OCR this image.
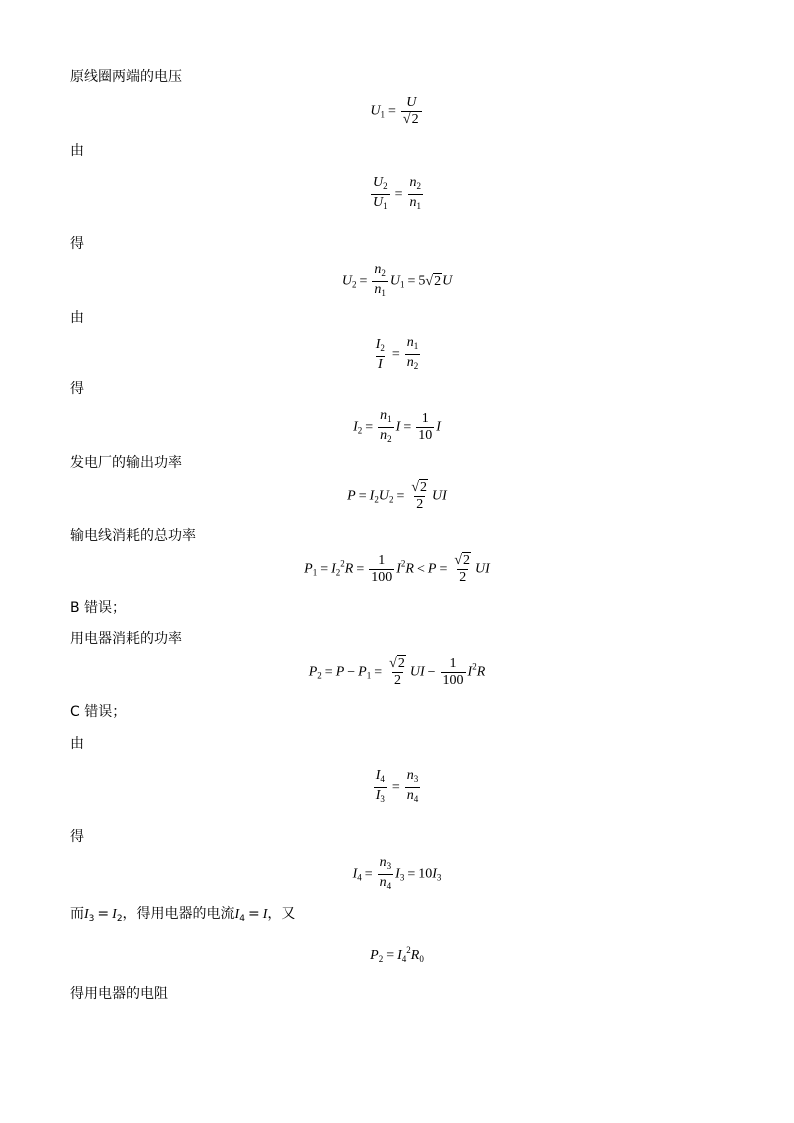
原线圈两端的电压
$U_1 = \frac{U}{√2}$
由
$\frac{U_2}{U_1} = \frac{n_2}{n_1}$
得
$U_2 = \frac{n_2}{n_1} U_1 = 5√2U$
由
$\frac{I_2}{I} = \frac{n_1}{n_2}$
得
$I_2 = \frac{n_1}{n_2}$ $I = \frac{1}{10}$ I
发电厂的输出功率
$P = I_2U_2 = \frac{√2}{2}$ UI
输电线消耗的总功率
$P_1 = I_2^2R = \frac{1}{100} I^2R < P = \frac{√2}{2}$ UI
B 错误；
用电器消耗的功率
$P_2 = P - P_1 = \frac{√2}{2}$ UI − $\frac{1}{100} I^2R$
C 错误；
由
$\frac{I_4}{I_3} = \frac{n_3}{n_4}$
得
$I_4 = \frac{n_3}{n_4} I_3 = 10I_3$
而$I_3 = I_2$，得用电器的电流$I_4 = I$，又
$P_2 = I_4^2R_0$
得用电器的电阻
